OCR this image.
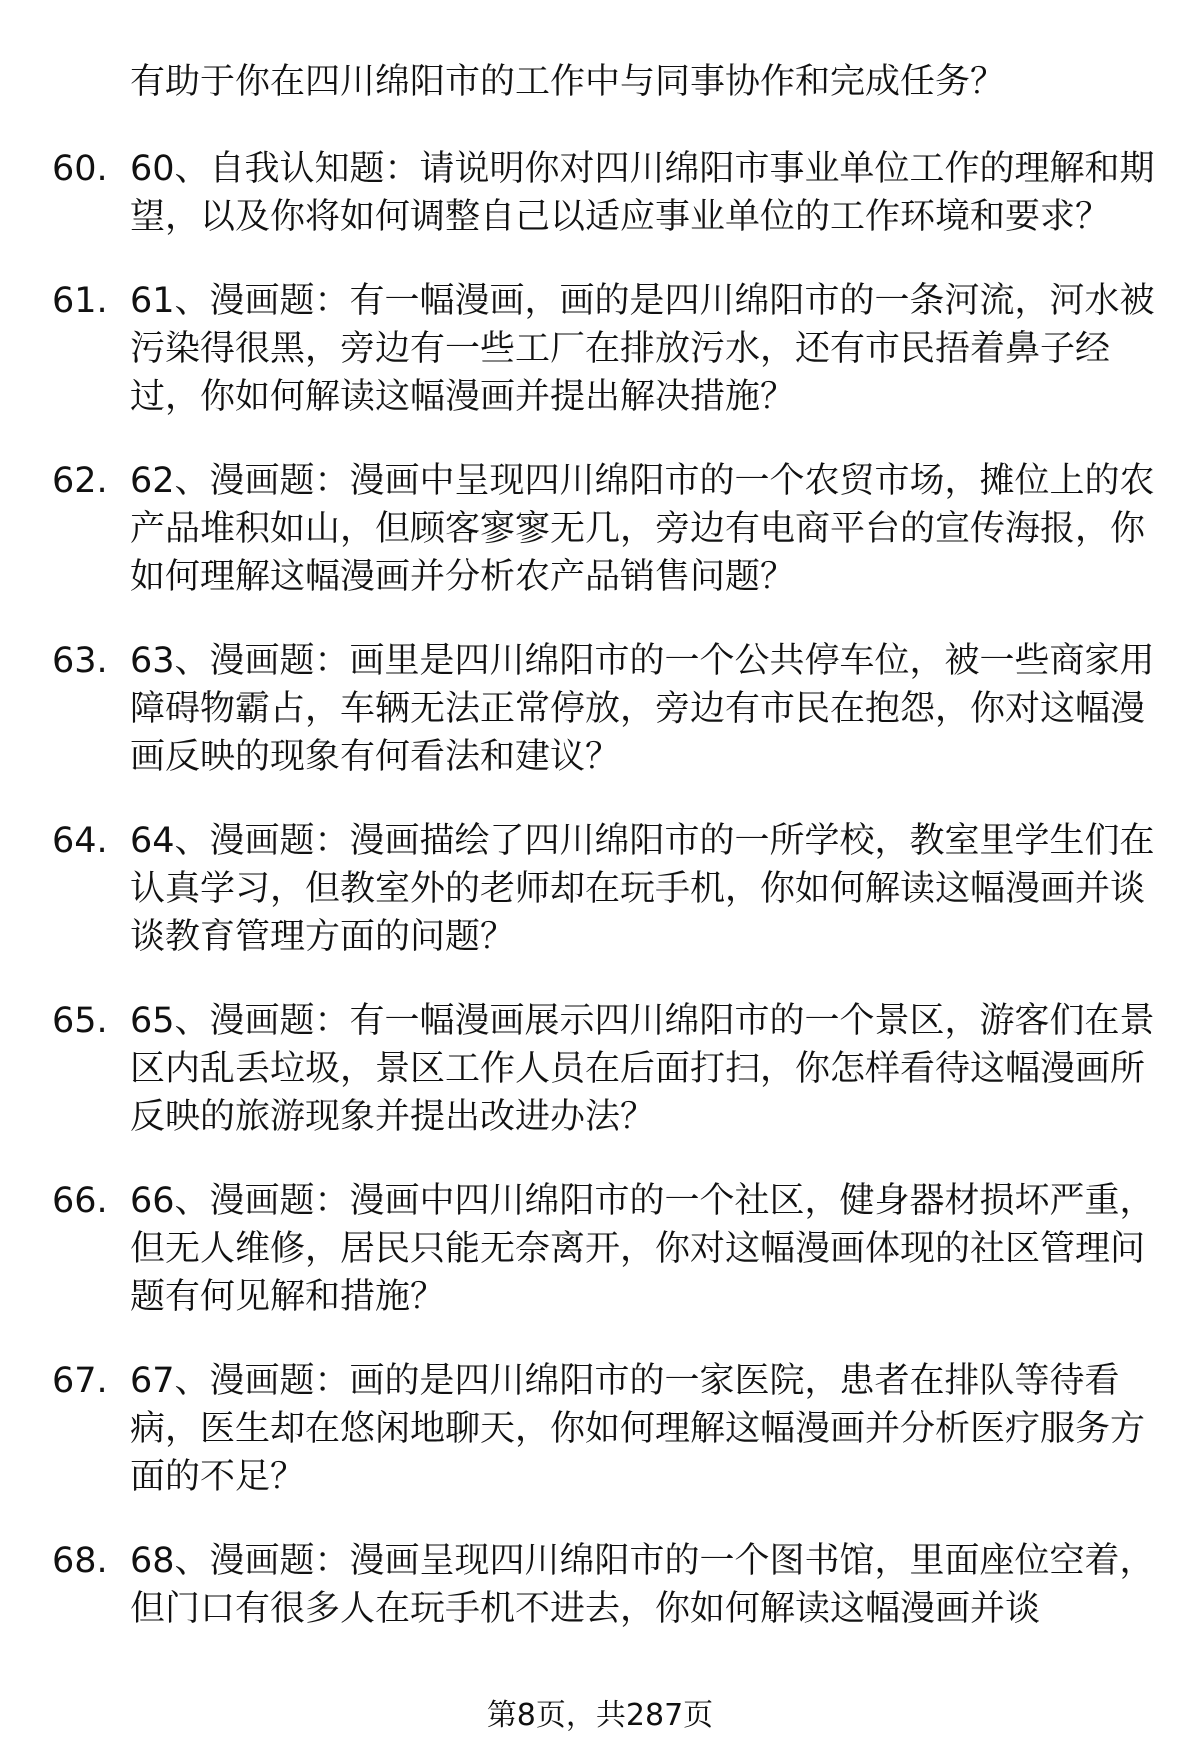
有助于你在四川绵阳市的工作中与同事协作和完成任务？

60. 60、自我认知题：请说明你对四川绵阳市事业单位工作的理解和期望，以及你将如何调整自己以适应事业单位的工作环境和要求？

61. 61、漫画题：有一幅漫画，画的是四川绵阳市的一条河流，河水被污染得很黑，旁边有一些工厂在排放污水，还有市民捂着鼻子经过，你如何解读这幅漫画并提出解决措施？

62. 62、漫画题：漫画中呈现四川绵阳市的一个农贸市场，摊位上的农产品堆积如山，但顾客寥寥无几，旁边有电商平台的宣传海报，你如何理解这幅漫画并分析农产品销售问题？

63. 63、漫画题：画里是四川绵阳市的一个公共停车位，被一些商家用障碍物霸占，车辆无法正常停放，旁边有市民在抱怨，你对这幅漫画反映的现象有何看法和建议？

64. 64、漫画题：漫画描绘了四川绵阳市的一所学校，教室里学生们在认真学习，但教室外的老师却在玩手机，你如何解读这幅漫画并谈谈教育管理方面的问题？

65. 65、漫画题：有一幅漫画展示四川绵阳市的一个景区，游客们在景区内乱丢垃圾，景区工作人员在后面打扫，你怎样看待这幅漫画所反映的旅游现象并提出改进办法？

66. 66、漫画题：漫画中四川绵阳市的一个社区，健身器材损坏严重，但无人维修，居民只能无奈离开，你对这幅漫画体现的社区管理问题有何见解和措施？

67. 67、漫画题：画的是四川绵阳市的一家医院，患者在排队等待看病，医生却在悠闲地聊天，你如何理解这幅漫画并分析医疗服务方面的不足？

68. 68、漫画题：漫画呈现四川绵阳市的一个图书馆，里面座位空着，但门口有很多人在玩手机不进去，你如何解读这幅漫画并谈

第8页，共287页
